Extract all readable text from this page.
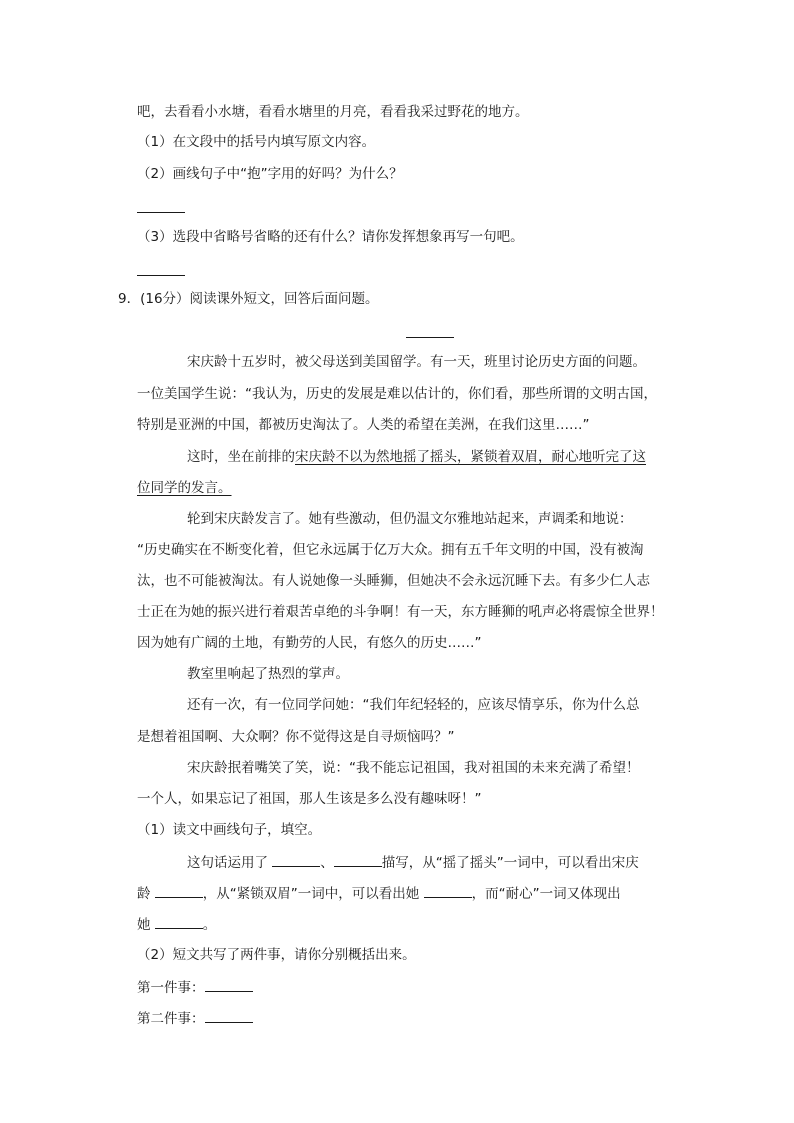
吧，去看看小水塘，看看水塘里的月亮，看看我采过野花的地方。
（1）在文段中的括号内填写原文内容。
（2）画线句子中“抱”字用的好吗？为什么？
（3）选段中省略号省略的还有什么？请你发挥想象再写一句吧。
9．(16分）阅读课外短文，回答后面问题。
宋庆龄十五岁时，被父母送到美国留学。有一天，班里讨论历史方面的问题。
一位美国学生说：“我认为，历史的发展是难以估计的，你们看，那些所谓的文明古国，
特别是亚洲的中国，都被历史淘汰了。人类的希望在美洲，在我们这里……”
这时，坐在前排的宋庆龄不以为然地摇了摇头，紧锁着双眉，耐心地听完了这
位同学的发言。
轮到宋庆龄发言了。她有些激动，但仍温文尔雅地站起来，声调柔和地说：
“历史确实在不断变化着，但它永远属于亿万大众。拥有五千年文明的中国，没有被淘
汰，也不可能被淘汰。有人说她像一头睡狮，但她决不会永远沉睡下去。有多少仁人志
士正在为她的振兴进行着艰苦卓绝的斗争啊！有一天，东方睡狮的吼声必将震惊全世界！
因为她有广阔的土地，有勤劳的人民，有悠久的历史……”
教室里响起了热烈的掌声。
还有一次，有一位同学问她：“我们年纪轻轻的，应该尽情享乐，你为什么总
是想着祖国啊、大众啊？你不觉得这是自寻烦恼吗？”
宋庆龄抿着嘴笑了笑，说：“我不能忘记祖国，我对祖国的未来充满了希望！
一个人，如果忘记了祖国，那人生该是多么没有趣味呀！”
（1）读文中画线句子，填空。
这句话运用了	、	描写，从“摇了摇头”一词中，可以看出宋庆
龄	，从“紧锁双眉”一词中，可以看出她	，而“耐心”一词又体现出
她	。
（2）短文共写了两件事，请你分别概括出来。
第一件事：
第二件事：
